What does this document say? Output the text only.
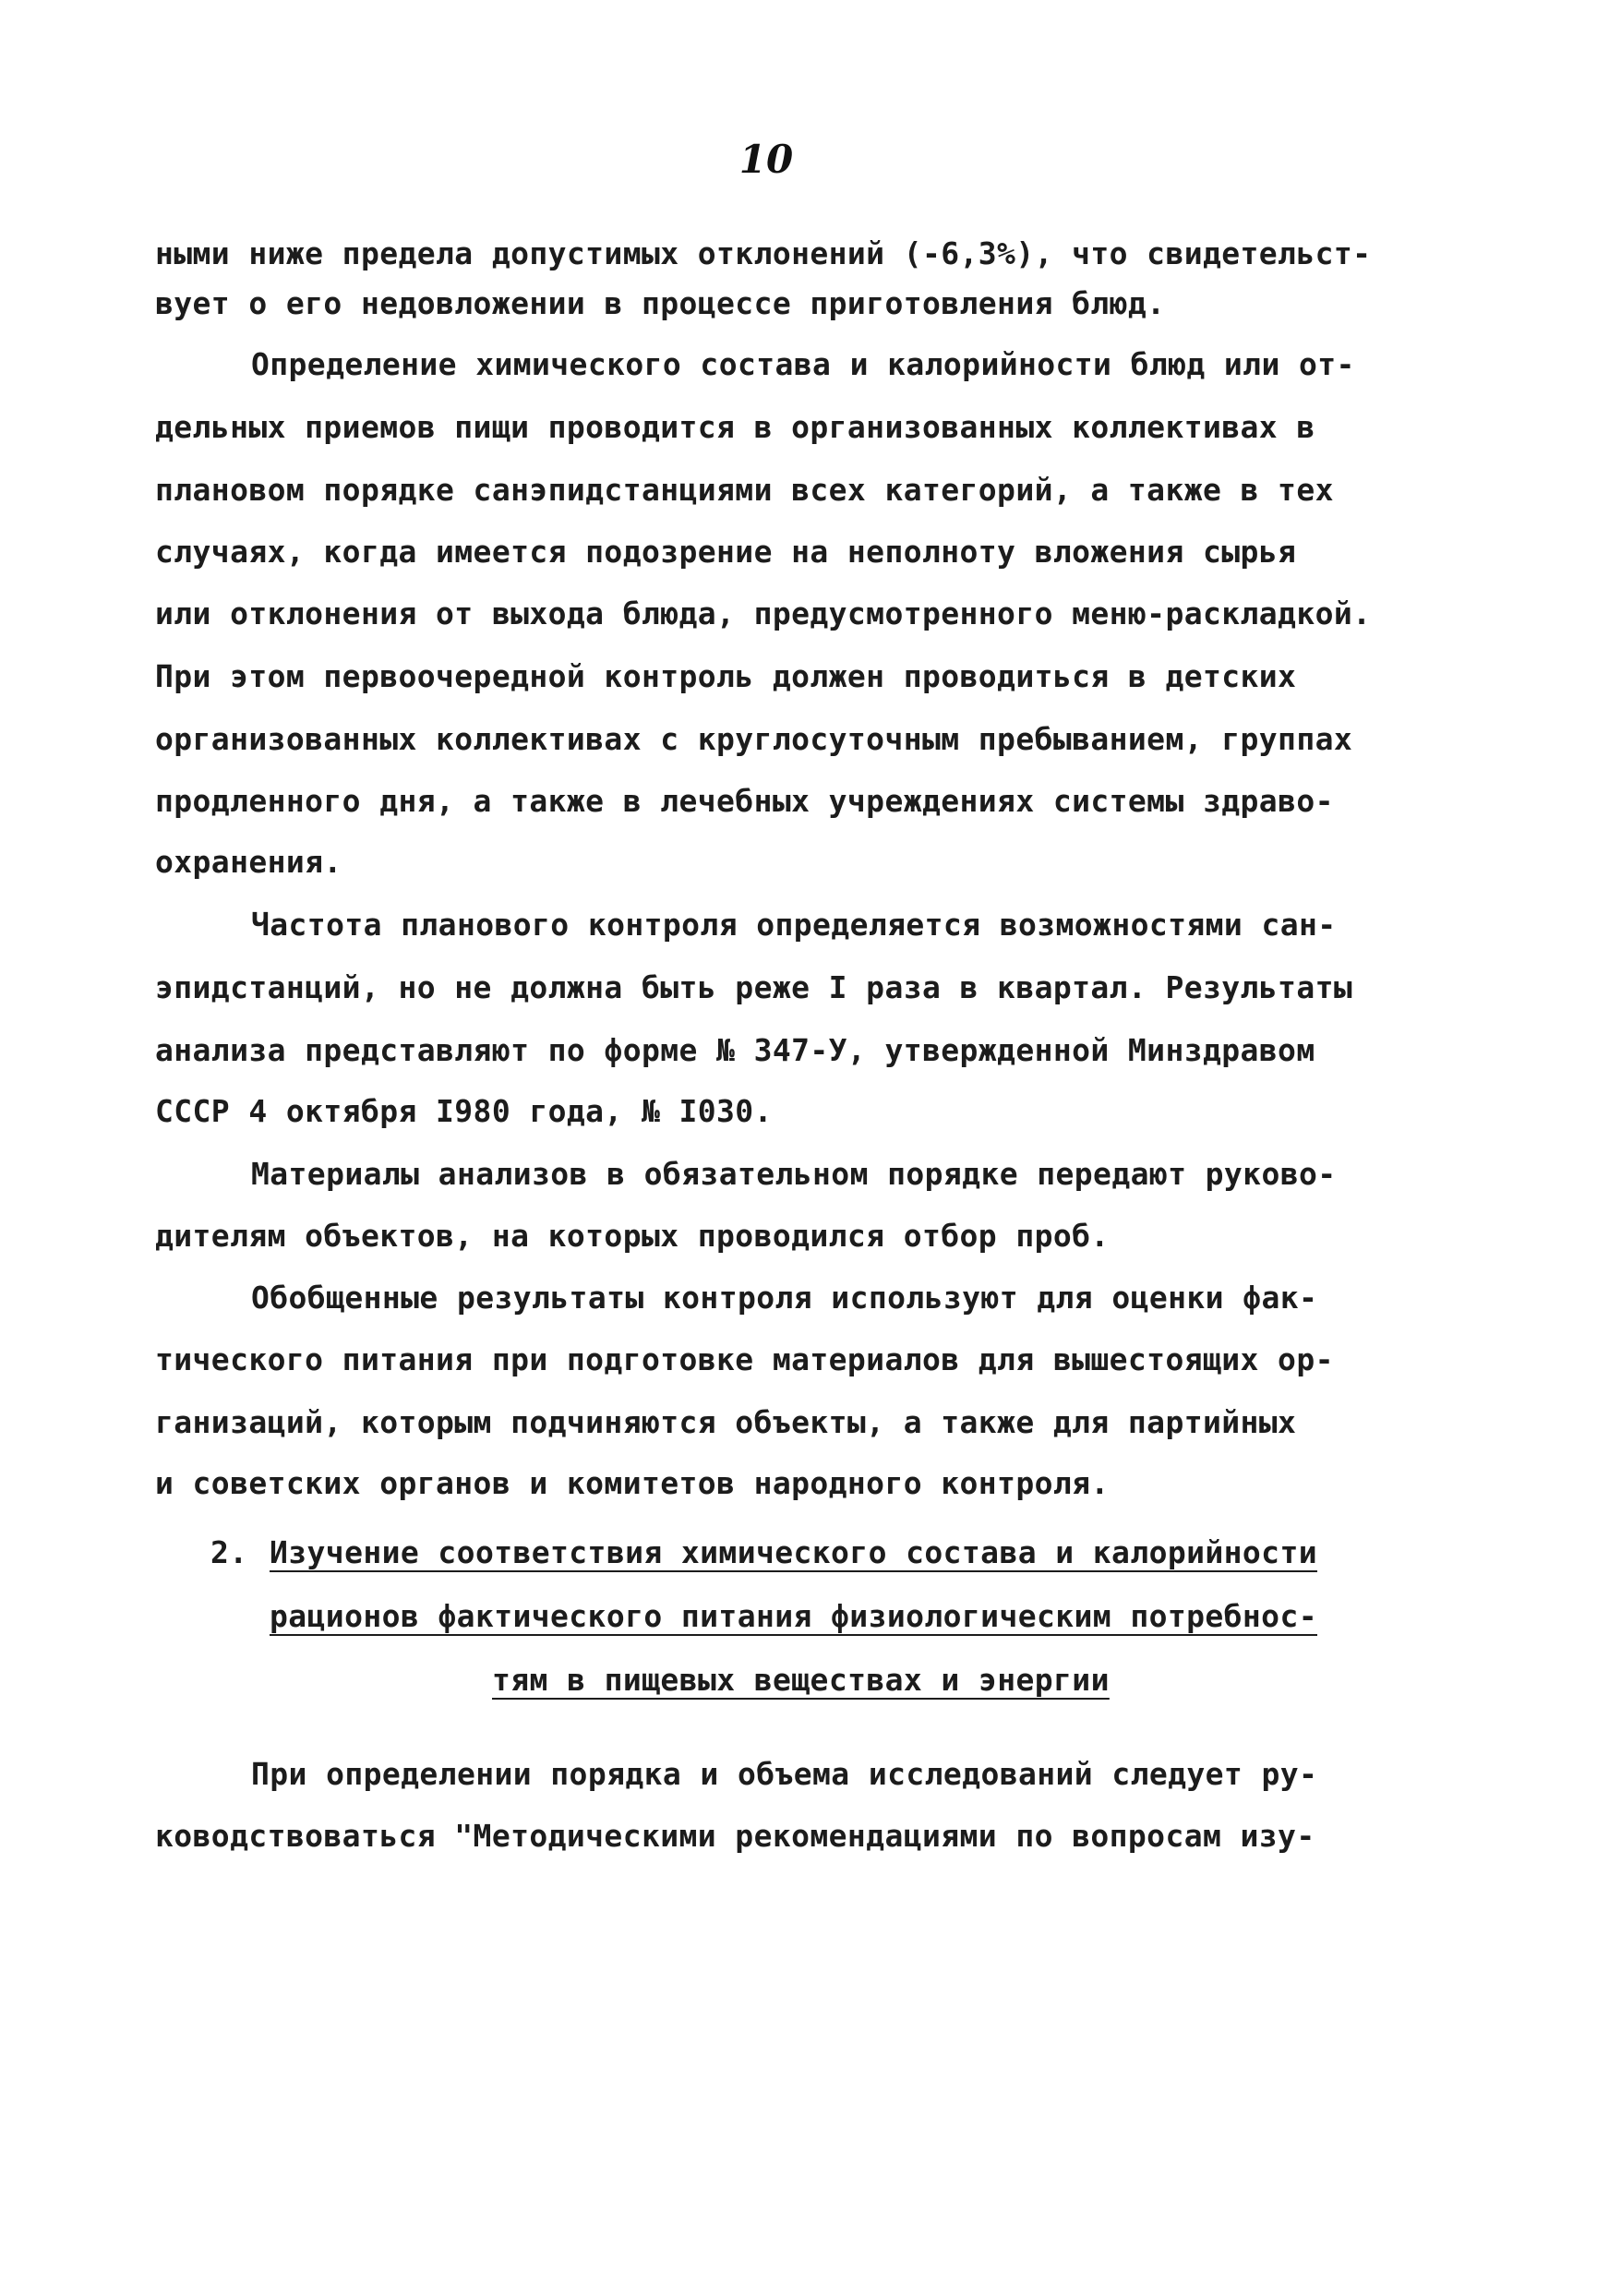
10
ными ниже предела допустимых отклонений (-6,3%), что свидетельст-
вует о его недовложении в процессе приготовления блюд.
Определение химического состава и калорийности блюд или от-
дельных приемов пищи проводится в организованных коллективах в
плановом порядке санэпидстанциями всех категорий, а также в тех
случаях, когда имеется подозрение на неполноту вложения сырья
или отклонения от выхода блюда, предусмотренного меню-раскладкой.
При этом первоочередной контроль должен проводиться в детских
организованных коллективах с круглосуточным пребыванием, группах
продленного дня, а также в лечебных учреждениях системы здраво-
охранения.
Частота планового контроля определяется возможностями сан-
эпидстанций, но не должна быть реже I раза в квартал. Результаты
анализа представляют по форме № 347-У, утвержденной Минздравом
СССР 4 октября I980 года, № I030.
Материалы анализов в обязательном порядке передают руково-
дителям объектов, на которых проводился отбор проб.
Обобщенные результаты контроля используют для оценки фак-
тического питания при подготовке материалов для вышестоящих ор-
ганизаций, которым подчиняются объекты, а также для партийных
и советских органов и комитетов народного контроля.
2. Изучение соответствия химического состава и калорийности
рационов фактического питания физиологическим потребнос-
тям в пищевых веществах и энергии
При определении порядка и объема исследований следует ру-
ководствоваться "Методическими рекомендациями по вопросам изу-
